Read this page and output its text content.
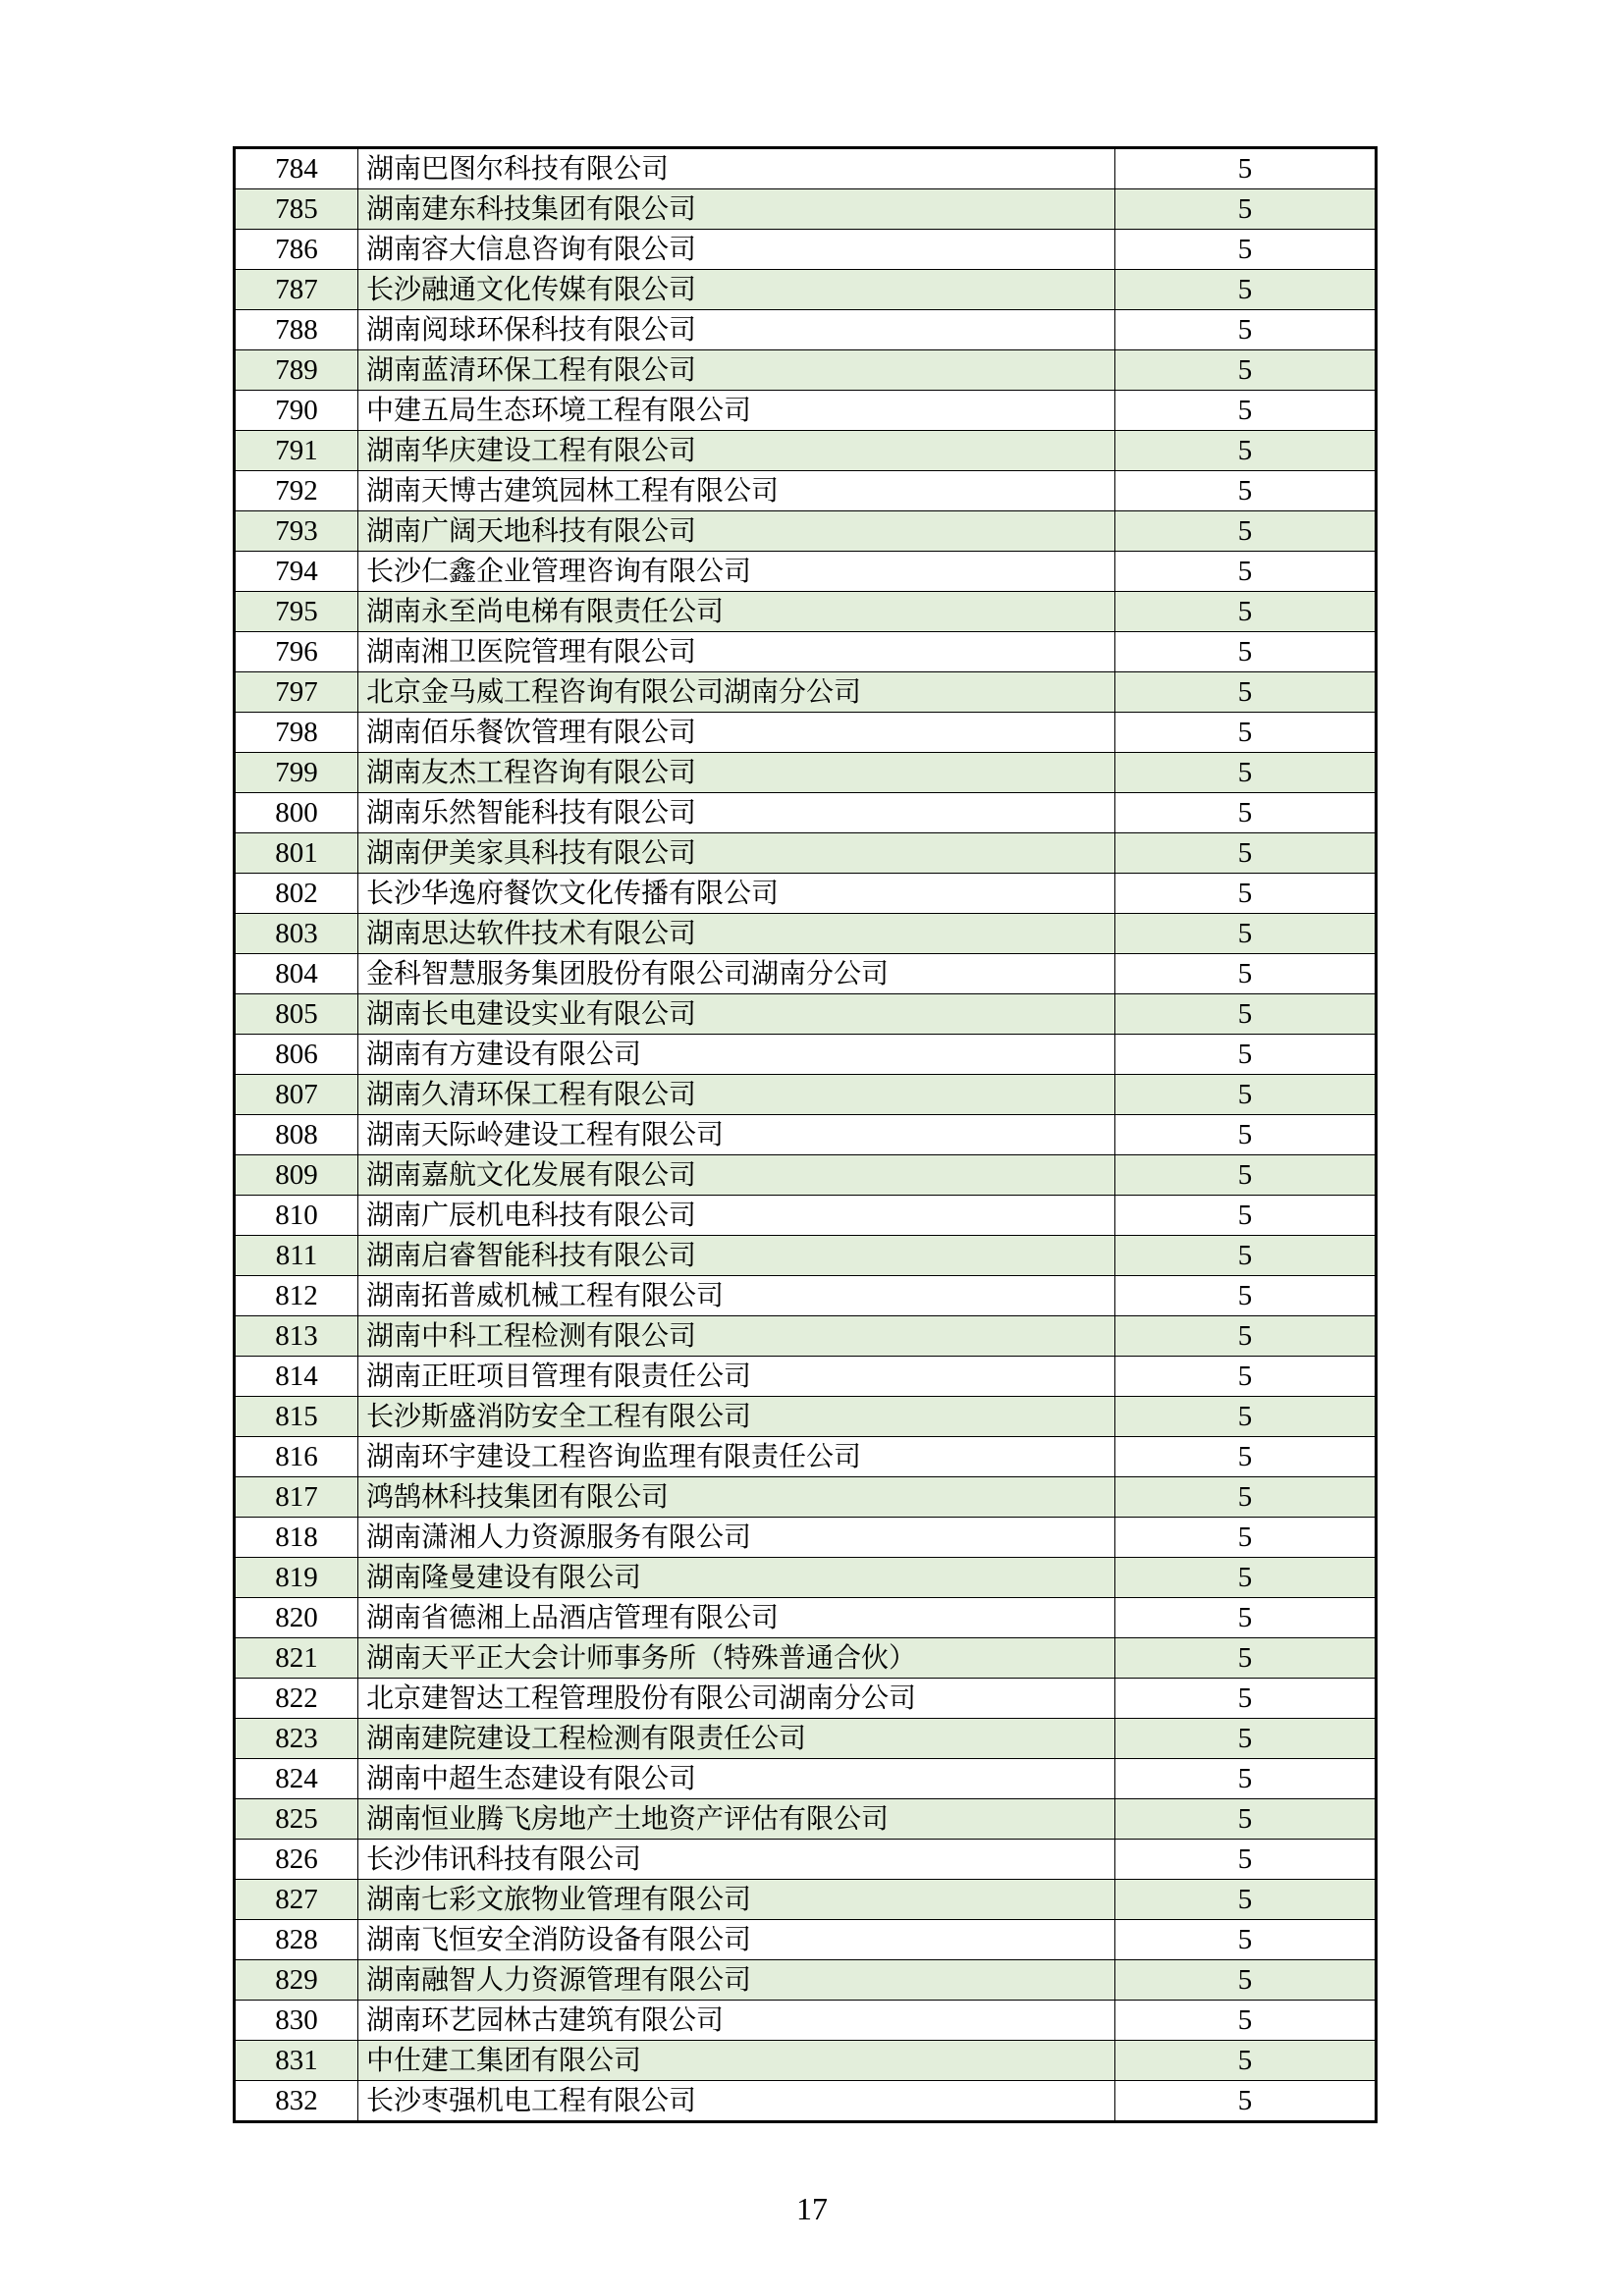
784	湖南巴图尔科技有限公司	5
785	湖南建东科技集团有限公司	5
786	湖南容大信息咨询有限公司	5
787	长沙融通文化传媒有限公司	5
788	湖南阅球环保科技有限公司	5
789	湖南蓝清环保工程有限公司	5
790	中建五局生态环境工程有限公司	5
791	湖南华庆建设工程有限公司	5
792	湖南天博古建筑园林工程有限公司	5
793	湖南广阔天地科技有限公司	5
794	长沙仁鑫企业管理咨询有限公司	5
795	湖南永至尚电梯有限责任公司	5
796	湖南湘卫医院管理有限公司	5
797	北京金马威工程咨询有限公司湖南分公司	5
798	湖南佰乐餐饮管理有限公司	5
799	湖南友杰工程咨询有限公司	5
800	湖南乐然智能科技有限公司	5
801	湖南伊美家具科技有限公司	5
802	长沙华逸府餐饮文化传播有限公司	5
803	湖南思达软件技术有限公司	5
804	金科智慧服务集团股份有限公司湖南分公司	5
805	湖南长电建设实业有限公司	5
806	湖南有方建设有限公司	5
807	湖南久清环保工程有限公司	5
808	湖南天际岭建设工程有限公司	5
809	湖南嘉航文化发展有限公司	5
810	湖南广辰机电科技有限公司	5
811	湖南启睿智能科技有限公司	5
812	湖南拓普威机械工程有限公司	5
813	湖南中科工程检测有限公司	5
814	湖南正旺项目管理有限责任公司	5
815	长沙斯盛消防安全工程有限公司	5
816	湖南环宇建设工程咨询监理有限责任公司	5
817	鸿鹄林科技集团有限公司	5
818	湖南潇湘人力资源服务有限公司	5
819	湖南隆曼建设有限公司	5
820	湖南省德湘上品酒店管理有限公司	5
821	湖南天平正大会计师事务所（特殊普通合伙）	5
822	北京建智达工程管理股份有限公司湖南分公司	5
823	湖南建院建设工程检测有限责任公司	5
824	湖南中超生态建设有限公司	5
825	湖南恒业腾飞房地产土地资产评估有限公司	5
826	长沙伟讯科技有限公司	5
827	湖南七彩文旅物业管理有限公司	5
828	湖南飞恒安全消防设备有限公司	5
829	湖南融智人力资源管理有限公司	5
830	湖南环艺园林古建筑有限公司	5
831	中仕建工集团有限公司	5
832	长沙枣强机电工程有限公司	5
17
